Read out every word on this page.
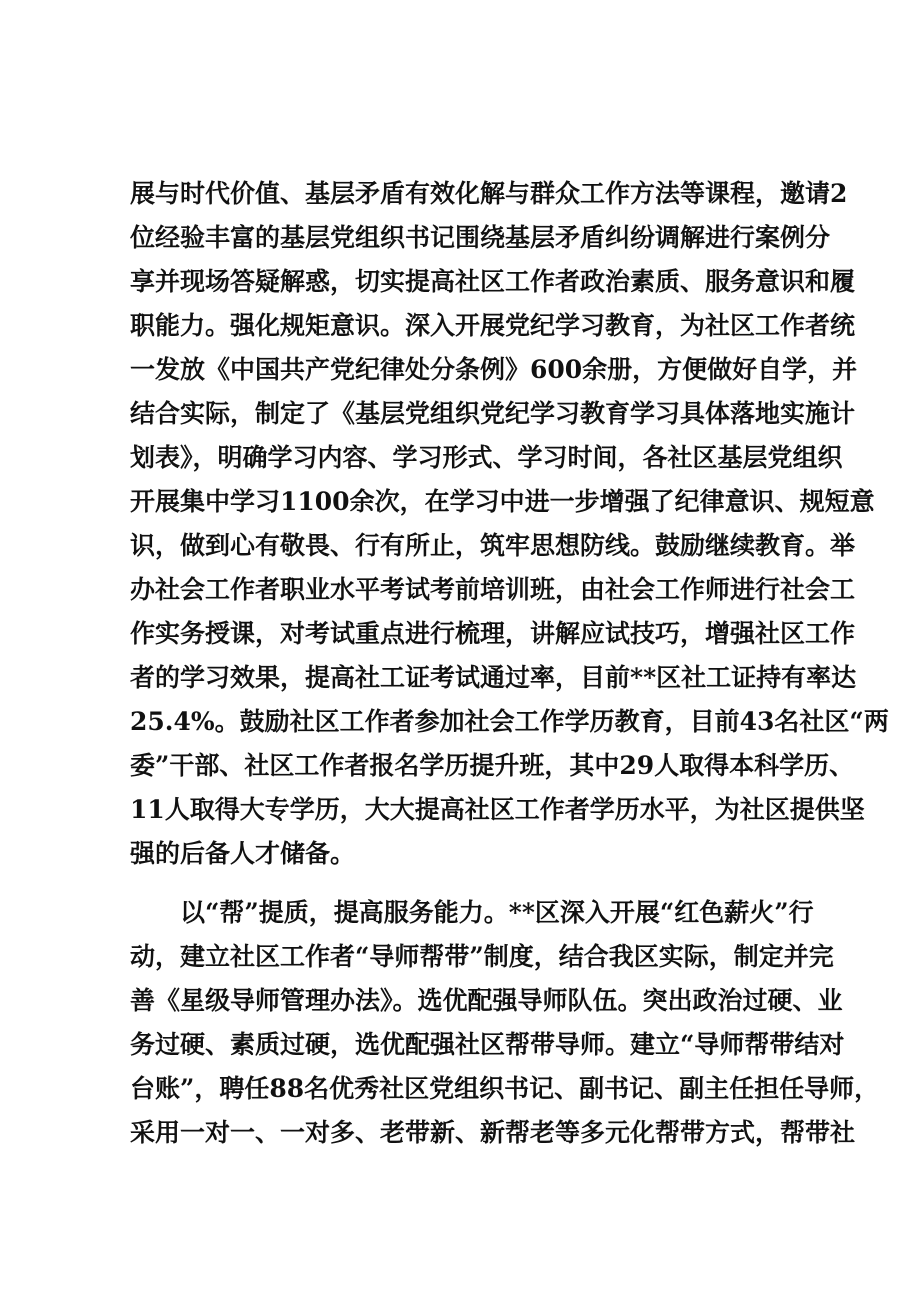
展与时代价值、基层矛盾有效化解与群众工作方法等课程，邀请2
位经验丰富的基层党组织书记围绕基层矛盾纠纷调解进行案例分
享并现场答疑解惑，切实提高社区工作者政治素质、服务意识和履
职能力。强化规矩意识。深入开展党纪学习教育，为社区工作者统
一发放《中国共产党纪律处分条例》600余册，方便做好自学，并
结合实际，制定了《基层党组织党纪学习教育学习具体落地实施计
划表》，明确学习内容、学习形式、学习时间，各社区基层党组织
开展集中学习1100余次，在学习中进一步增强了纪律意识、规短意
识，做到心有敬畏、行有所止，筑牢思想防线。鼓励继续教育。举
办社会工作者职业水平考试考前培训班，由社会工作师进行社会工
作实务授课，对考试重点进行梳理，讲解应试技巧，增强社区工作
者的学习效果，提高社工证考试通过率，目前**区社工证持有率达
25.4%。鼓励社区工作者参加社会工作学历教育，目前43名社区“两
委”干部、社区工作者报名学历提升班，其中29人取得本科学历、
11人取得大专学历，大大提高社区工作者学历水平，为社区提供坚
强的后备人才储备。
以“帮”提质，提高服务能力。**区深入开展“红色薪火”行
动，建立社区工作者“导师帮带”制度，结合我区实际，制定并完
善《星级导师管理办法》。选优配强导师队伍。突出政治过硬、业
务过硬、素质过硬，选优配强社区帮带导师。建立“导师帮带结对
台账”，聘任88名优秀社区党组织书记、副书记、副主任担任导师，
采用一对一、一对多、老带新、新帮老等多元化帮带方式，帮带社
